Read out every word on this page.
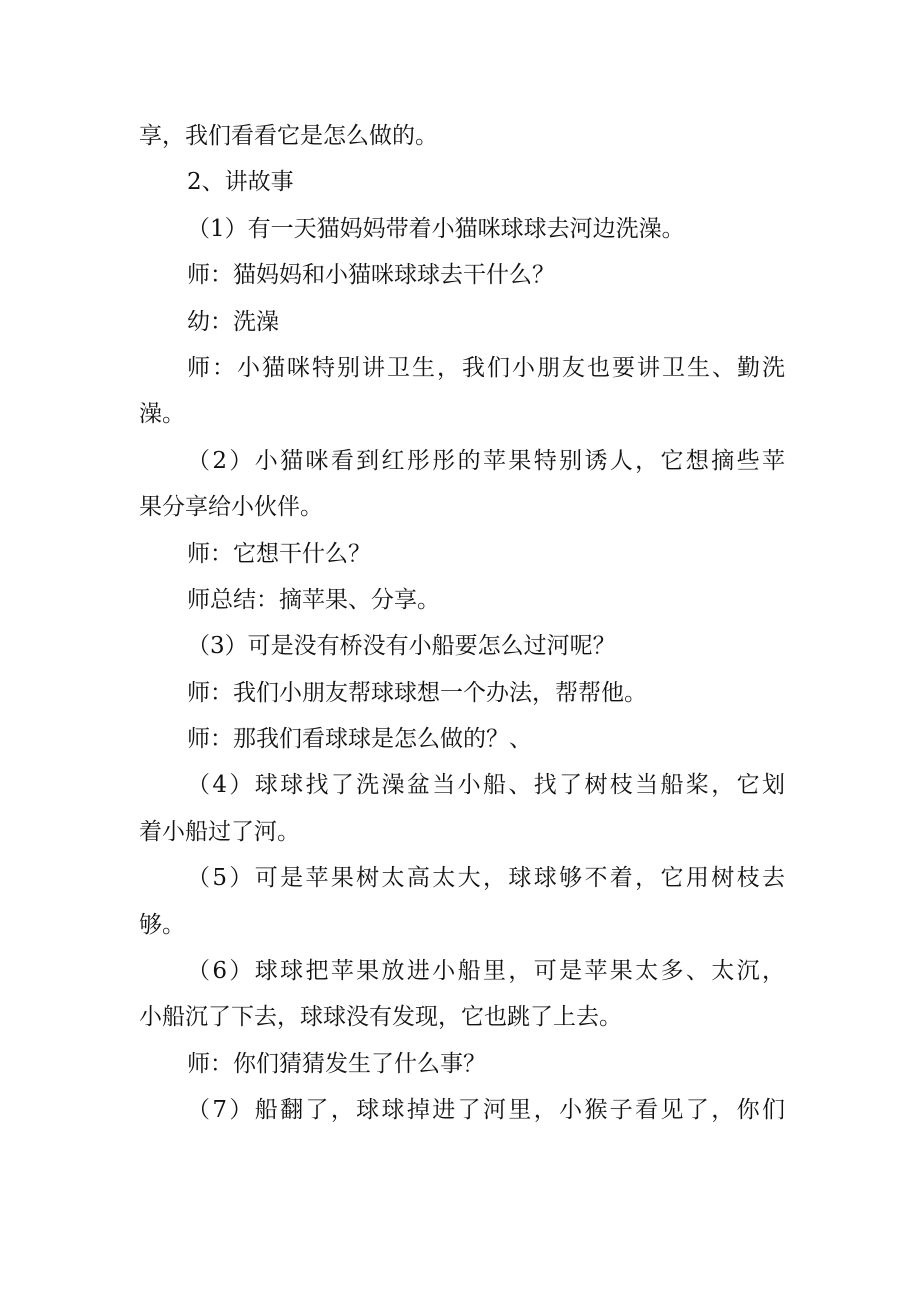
享，我们看看它是怎么做的。
2、讲故事
（1）有一天猫妈妈带着小猫咪球球去河边洗澡。
师：猫妈妈和小猫咪球球去干什么？
幼：洗澡
师：小猫咪特别讲卫生，我们小朋友也要讲卫生、勤洗
澡。
（2）小猫咪看到红彤彤的苹果特别诱人，它想摘些苹
果分享给小伙伴。
师：它想干什么？
师总结：摘苹果、分享。
（3）可是没有桥没有小船要怎么过河呢？
师：我们小朋友帮球球想一个办法，帮帮他。
师：那我们看球球是怎么做的？、
（4）球球找了洗澡盆当小船、找了树枝当船桨，它划
着小船过了河。
（5）可是苹果树太高太大，球球够不着，它用树枝去
够。
（6）球球把苹果放进小船里，可是苹果太多、太沉，
小船沉了下去，球球没有发现，它也跳了上去。
师：你们猜猜发生了什么事？
（7）船翻了，球球掉进了河里，小猴子看见了，你们
